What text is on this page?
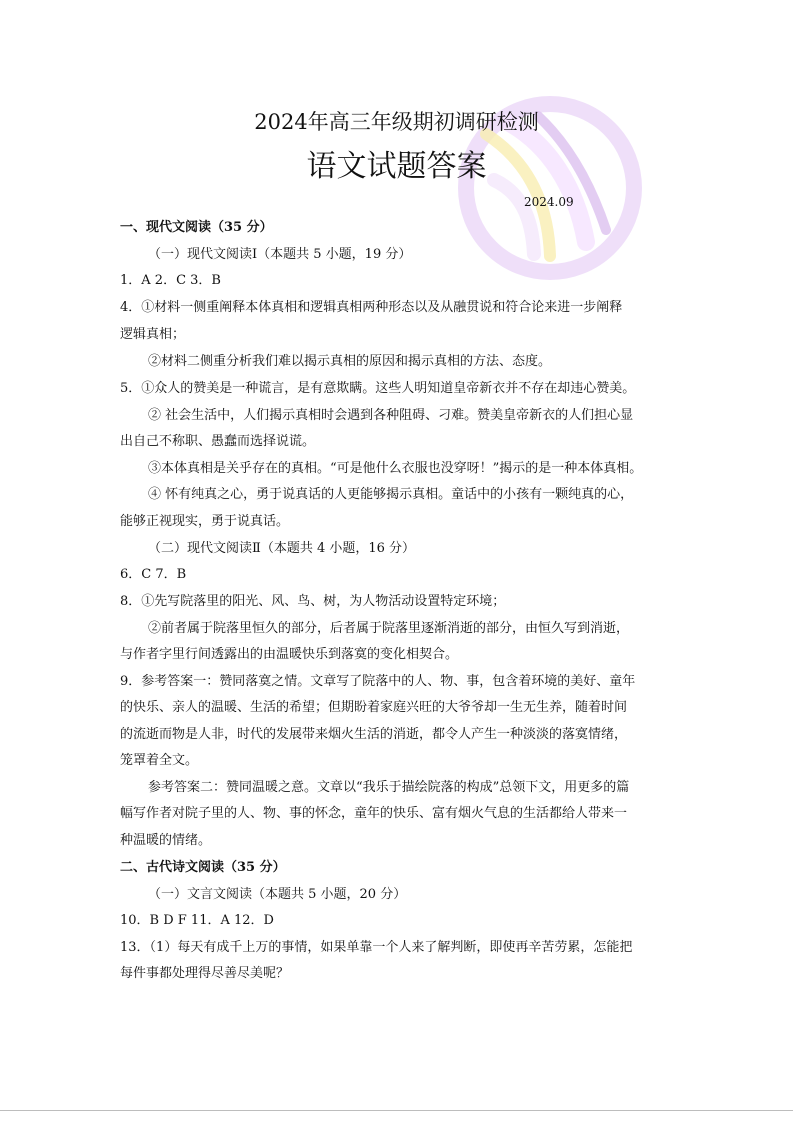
2024年高三年级期初调研检测
语文试题答案
2024.09
一、现代文阅读（35 分）
（一）现代文阅读Ⅰ（本题共 5 小题，19 分）
1．A 2．C 3．B
4．①材料一侧重阐释本体真相和逻辑真相两种形态以及从融贯说和符合论来进一步阐释
逻辑真相；
②材料二侧重分析我们难以揭示真相的原因和揭示真相的方法、态度。
5．①众人的赞美是一种谎言，是有意欺瞒。这些人明知道皇帝新衣并不存在却违心赞美。
② 社会生活中，人们揭示真相时会遇到各种阻碍、刁难。赞美皇帝新衣的人们担心显
出自己不称职、愚蠢而选择说谎。
③本体真相是关乎存在的真相。“可是他什么衣服也没穿呀！”揭示的是一种本体真相。
④ 怀有纯真之心，勇于说真话的人更能够揭示真相。童话中的小孩有一颗纯真的心，
能够正视现实，勇于说真话。
（二）现代文阅读Ⅱ（本题共 4 小题，16 分）
6．C 7．B
8．①先写院落里的阳光、风、鸟、树，为人物活动设置特定环境；
②前者属于院落里恒久的部分，后者属于院落里逐渐消逝的部分，由恒久写到消逝，
与作者字里行间透露出的由温暖快乐到落寞的变化相契合。
9．参考答案一：赞同落寞之情。文章写了院落中的人、物、事，包含着环境的美好、童年
的快乐、亲人的温暖、生活的希望；但期盼着家庭兴旺的大爷爷却一生无生养，随着时间
的流逝而物是人非，时代的发展带来烟火生活的消逝，都令人产生一种淡淡的落寞情绪，
笼罩着全文。
参考答案二：赞同温暖之意。文章以“我乐于描绘院落的构成”总领下文，用更多的篇
幅写作者对院子里的人、物、事的怀念，童年的快乐、富有烟火气息的生活都给人带来一
种温暖的情绪。
二、古代诗文阅读（35 分）
（一）文言文阅读（本题共 5 小题，20 分）
10．B D F 11．A 12．D
13．（1）每天有成千上万的事情，如果单靠一个人来了解判断，即使再辛苦劳累，怎能把
每件事都处理得尽善尽美呢？
